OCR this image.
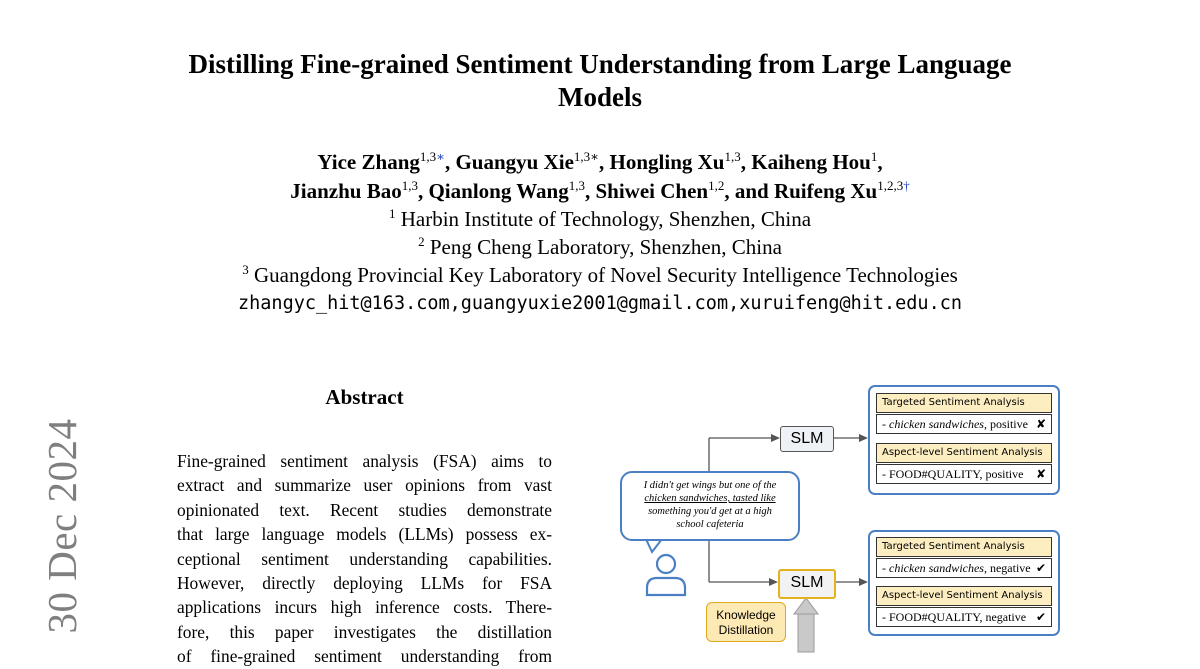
Distilling Fine-grained Sentiment Understanding from Large Language
Models
Yice Zhang$^{1,3∗}$, Guangyu Xie$^{1,3∗}$, Hongling Xu$^{1,3}$, Kaiheng Hou$^1$,
Jianzhu Bao$^{1,3}$, Qianlong Wang$^{1,3}$, Shiwei Chen$^{1,2}$, and Ruifeng $Xu^{1,2,3\dagger}$
$^1$ Harbin Institute of Technology, Shenzhen, China
$^2$ Peng Cheng Laboratory, Shenzhen, China
$^3$ Guangdong Provincial Key Laboratory of Novel Security Intelligence Technologies
zhangyc_hit@163.com,guangyuxie2001@gmail.com,xuruifeng@hit.edu.cn
30 Dec 2024
Abstract
Fine-grained sentiment analysis (FSA) aims to
extract and summarize user opinions from vast
opinionated text. Recent studies demonstrate
that large language models (LLMs) possess ex-
ceptional sentiment understanding capabilities.
However, directly deploying LLMs for FSA
applications incurs high inference costs. There-
fore, this paper investigates the distillation
of fine-grained sentiment understanding from
SLM
SLM
I didn't get wings but one of the
chicken sandwiches, tasted like
something you'd get at a high
school cafeteria
Knowledge
Distillation
Targeted Sentiment Analysis
- chicken sandwiches, positive ✘
Aspect-level Sentiment Analysis
- FOOD#QUALITY, positive ✘
Targeted Sentiment Analysis
- chicken sandwiches, negative ✔
Aspect-level Sentiment Analysis
- FOOD#QUALITY, negative ✔
